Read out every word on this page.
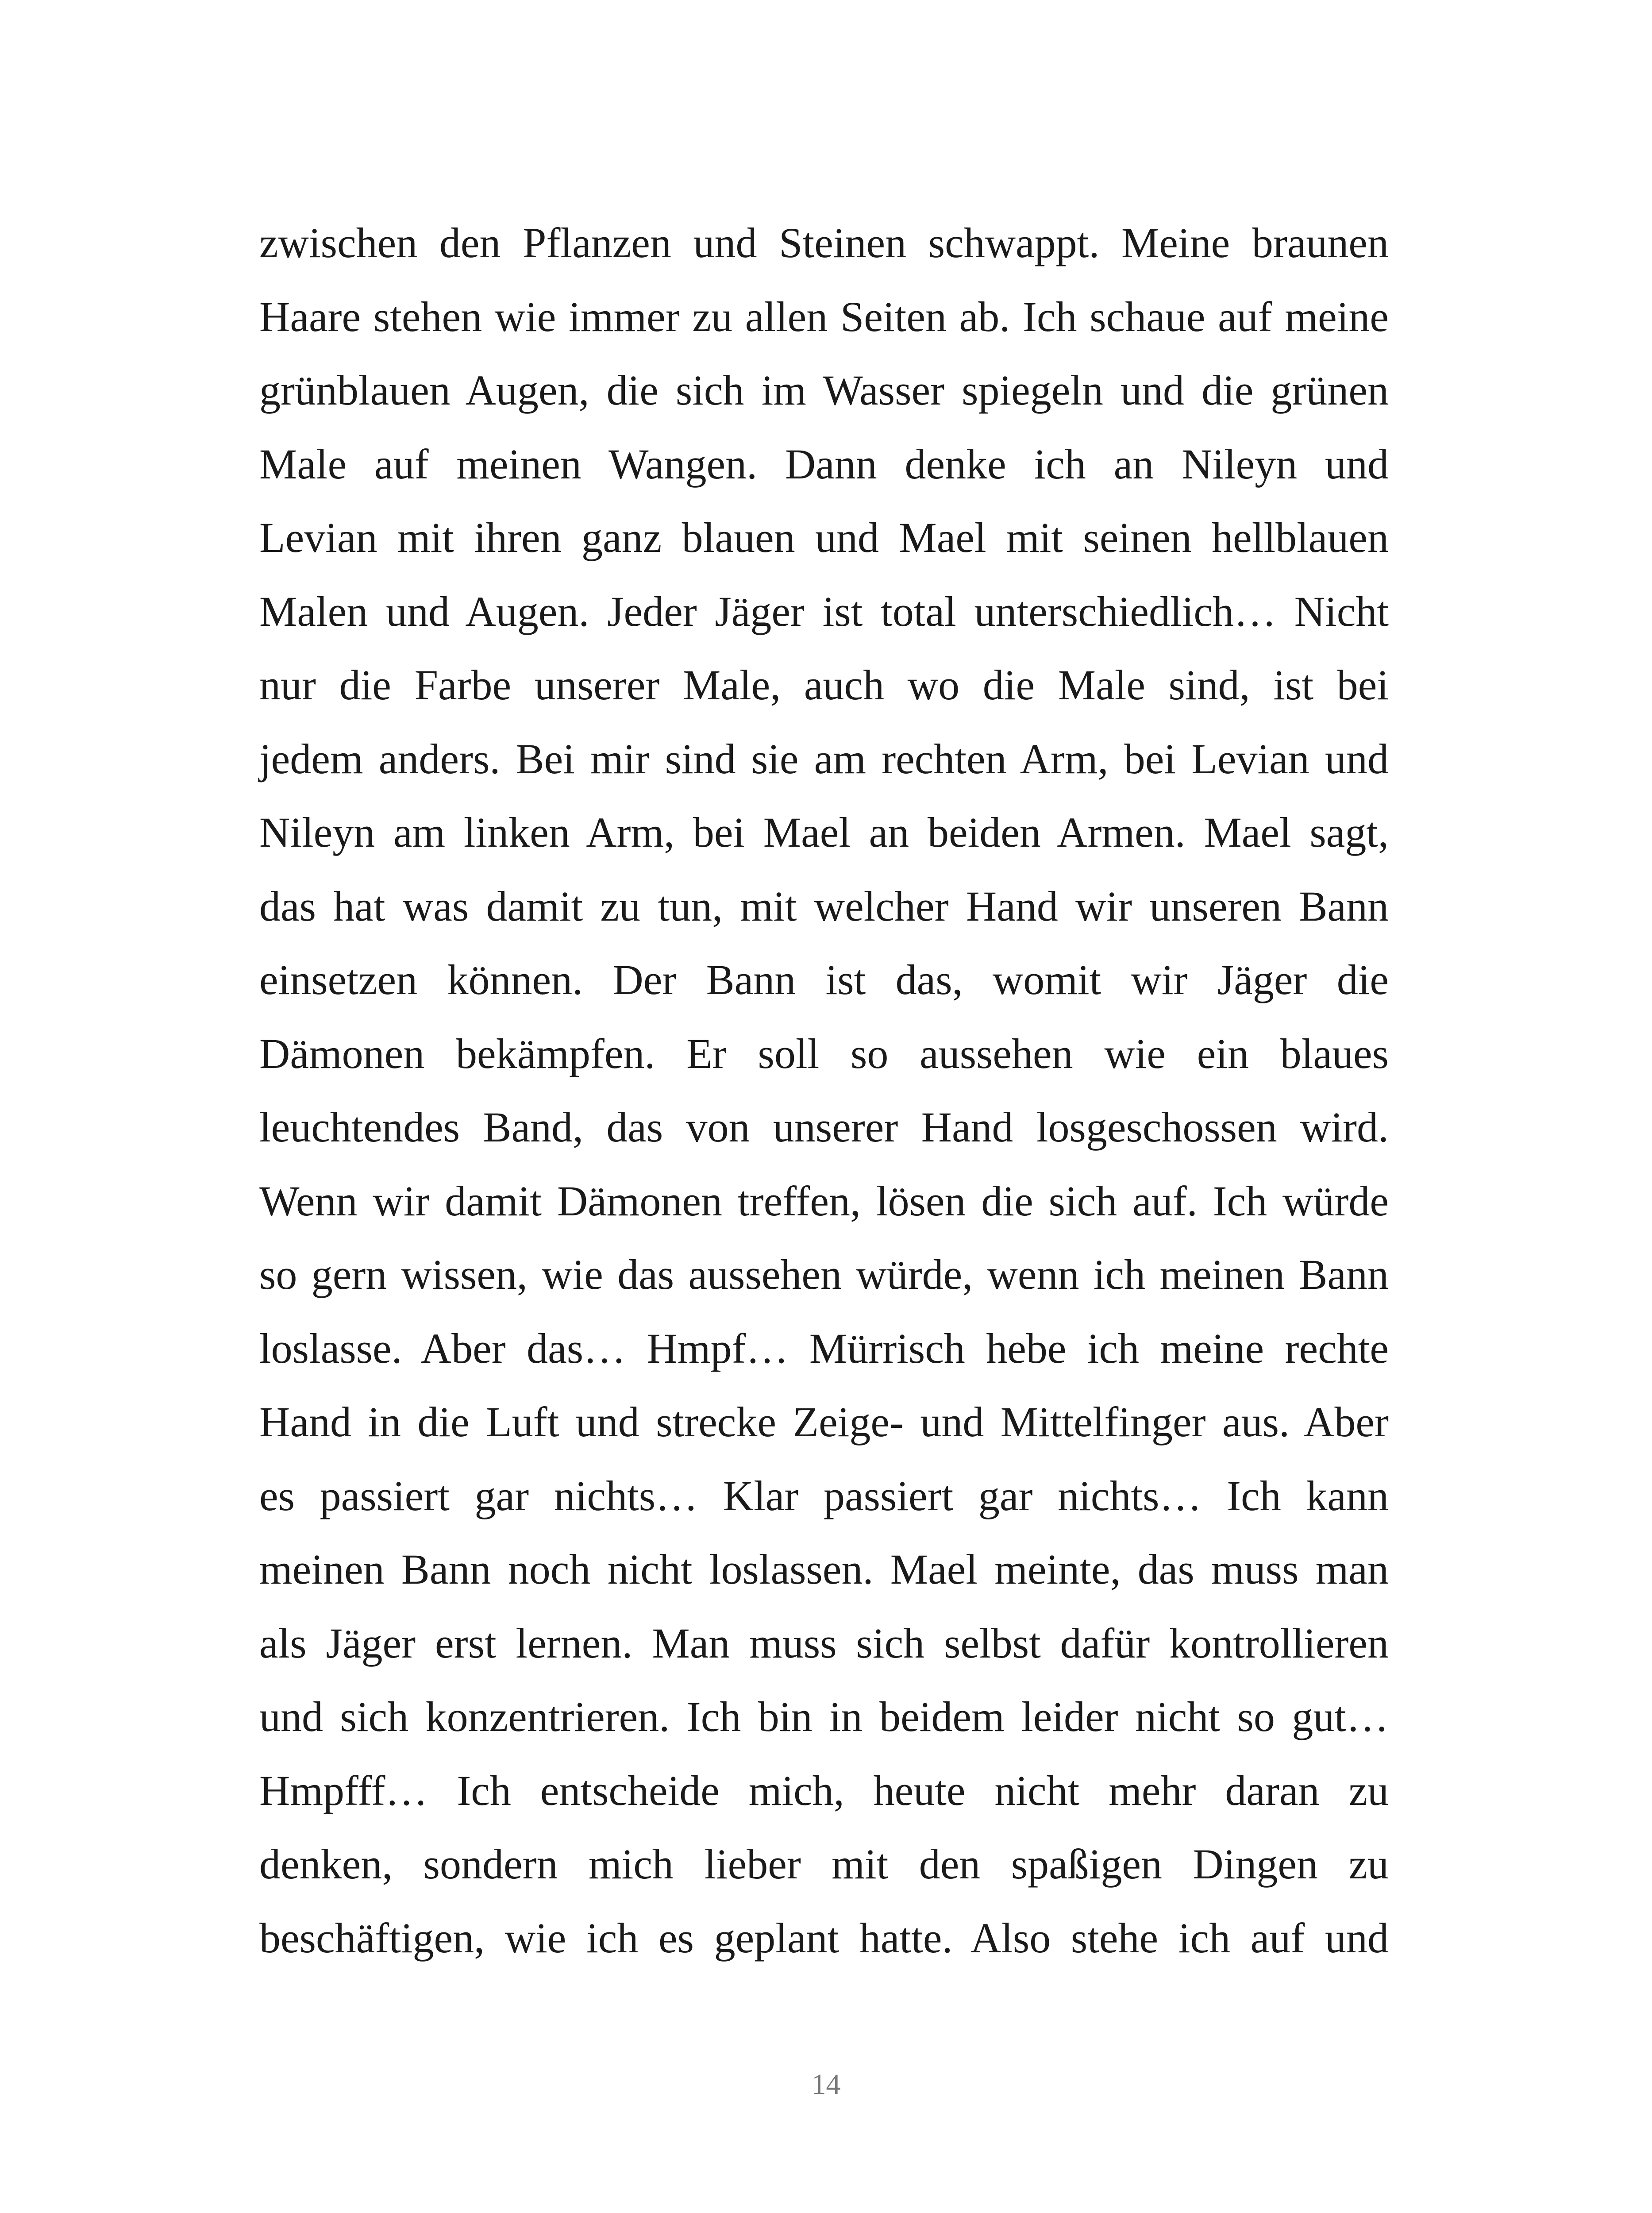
zwischen den Pflanzen und Steinen schwappt. Meine braunen
Haare stehen wie immer zu allen Seiten ab. Ich schaue auf meine
grünblauen Augen, die sich im Wasser spiegeln und die grünen
Male auf meinen Wangen. Dann denke ich an Nileyn und
Levian mit ihren ganz blauen und Mael mit seinen hellblauen
Malen und Augen. Jeder Jäger ist total unterschiedlich… Nicht
nur die Farbe unserer Male, auch wo die Male sind, ist bei
jedem anders. Bei mir sind sie am rechten Arm, bei Levian und
Nileyn am linken Arm, bei Mael an beiden Armen. Mael sagt,
das hat was damit zu tun, mit welcher Hand wir unseren Bann
einsetzen können. Der Bann ist das, womit wir Jäger die
Dämonen bekämpfen. Er soll so aussehen wie ein blaues
leuchtendes Band, das von unserer Hand losgeschossen wird.
Wenn wir damit Dämonen treffen, lösen die sich auf. Ich würde
so gern wissen, wie das aussehen würde, wenn ich meinen Bann
loslasse. Aber das… Hmpf… Mürrisch hebe ich meine rechte
Hand in die Luft und strecke Zeige- und Mittelfinger aus. Aber
es passiert gar nichts… Klar passiert gar nichts… Ich kann
meinen Bann noch nicht loslassen. Mael meinte, das muss man
als Jäger erst lernen. Man muss sich selbst dafür kontrollieren
und sich konzentrieren. Ich bin in beidem leider nicht so gut…
Hmpfff… Ich entscheide mich, heute nicht mehr daran zu
denken, sondern mich lieber mit den spaßigen Dingen zu
beschäftigen, wie ich es geplant hatte. Also stehe ich auf und
14
